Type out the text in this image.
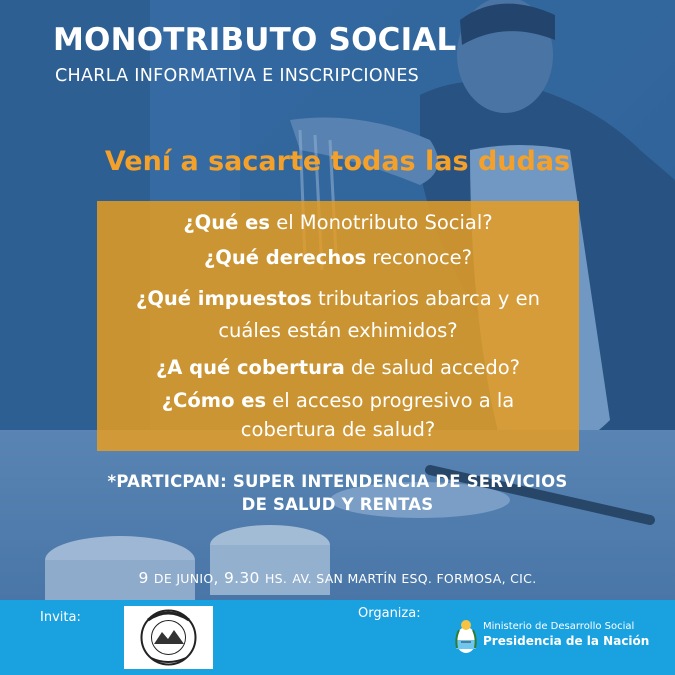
MONOTRIBUTO SOCIAL
CHARLA INFORMATIVA E INSCRIPCIONES
Vení a sacarte todas las dudas
¿Qué es el Monotributo Social?
¿Qué derechos reconoce?
¿Qué impuestos tributarios abarca y en
cuáles están exhimidos?
¿A qué cobertura de salud accedo?
¿Cómo es el acceso progresivo a la
cobertura de salud?
*PARTICPAN: SUPER INTENDENCIA DE SERVICIOS
DE SALUD Y RENTAS
9 DE JUNIO, 9.30 HS. AV. SAN MARTÍN ESQ. FORMOSA, CIC.
Invita:	Organiza:
Ministerio de Desarrollo Social
Presidencia de la Nación
